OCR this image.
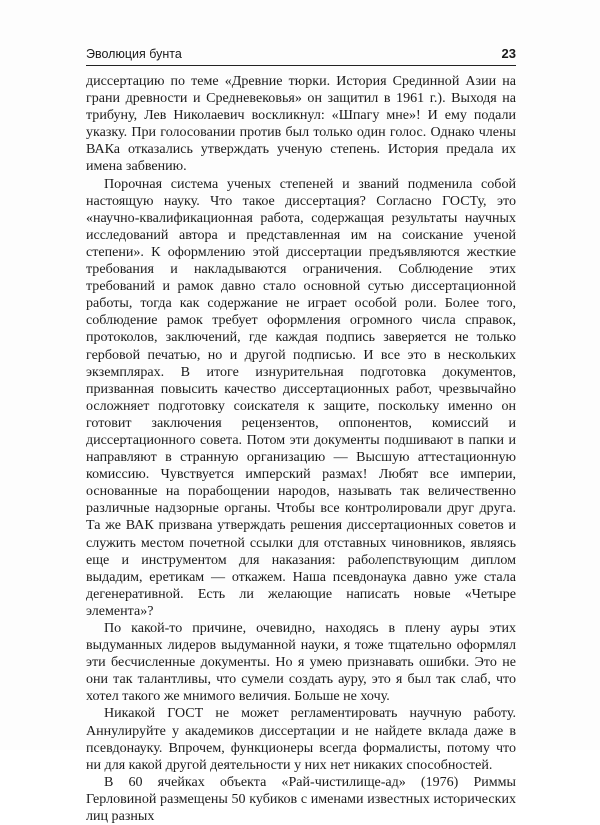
Эволюция бунта	23

диссертацию по теме «Древние тюрки. История Срединной Азии на грани древности и Средневековья» он защитил в 1961 г.). Выходя на трибуну, Лев Николаевич воскликнул: «Шпагу мне»! И ему подали указку. При голосовании против был только один голос. Однако члены ВАКа отказались утверждать ученую степень. История предала их имена забвению.

Порочная система ученых степеней и званий подменила собой настоящую науку. Что такое диссертация? Согласно ГОСТу, это «научно-квалификационная работа, содержащая результаты научных исследований автора и представленная им на соискание ученой степени». К оформлению этой диссертации предъявляются жесткие требования и накладываются ограничения. Соблюдение этих требований и рамок давно стало основной сутью диссертационной работы, тогда как содержание не играет особой роли. Более того, соблюдение рамок требует оформления огромного числа справок, протоколов, заключений, где каждая подпись заверяется не только гербовой печатью, но и другой подписью. И все это в нескольких экземплярах. В итоге изнурительная подготовка документов, призванная повысить качество диссертационных работ, чрезвычайно осложняет подготовку соискателя к защите, поскольку именно он готовит заключения рецензентов, оппонентов, комиссий и диссертационного совета. Потом эти документы подшивают в папки и направляют в странную организацию — Высшую аттестационную комиссию. Чувствуется имперский размах! Любят все империи, основанные на порабощении народов, называть так величественно различные надзорные органы. Чтобы все контролировали друг друга. Та же ВАК призвана утверждать решения диссертационных советов и служить местом почетной ссылки для отставных чиновников, являясь еще и инструментом для наказания: раболепствующим диплом выдадим, еретикам — откажем. Наша псевдонаука давно уже стала дегенеративной. Есть ли желающие написать новые «Четыре элемента»?

По какой-то причине, очевидно, находясь в плену ауры этих выдуманных лидеров выдуманной науки, я тоже тщательно оформлял эти бесчисленные документы. Но я умею признавать ошибки. Это не они так талантливы, что сумели создать ауру, это я был так слаб, что хотел такого же мнимого величия. Больше не хочу.

Никакой ГОСТ не может регламентировать научную работу. Аннулируйте у академиков диссертации и не найдете вклада даже в псевдонауку. Впрочем, функционеры всегда формалисты, потому что ни для какой другой деятельности у них нет никаких способностей.

В 60 ячейках объекта «Рай-чистилище-ад» (1976) Риммы Герловиной размещены 50 кубиков с именами известных исторических лиц разных
